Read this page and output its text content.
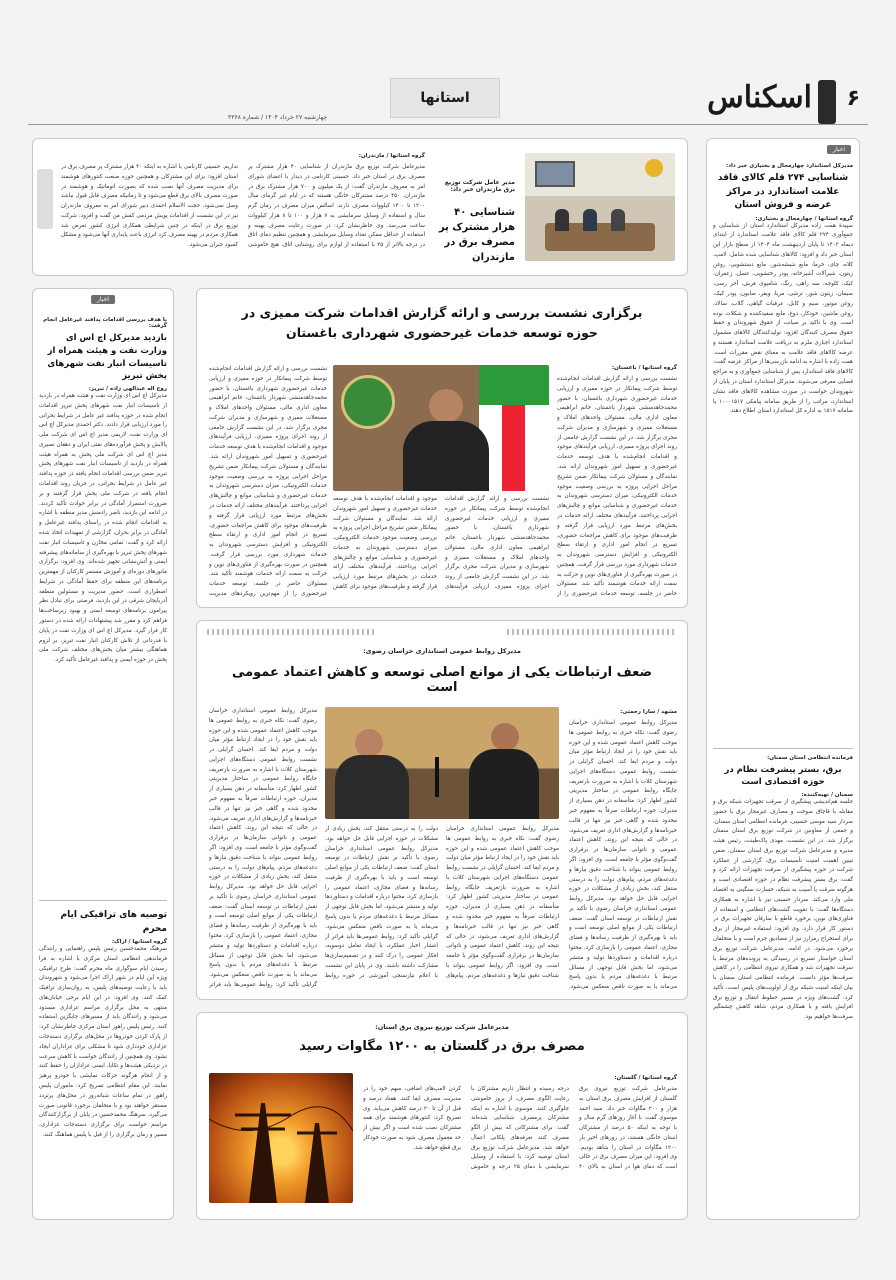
۶
اسکناس
استانها
چهارشنبه ۲۷ خرداد ۱۴۰۴ / شماره ۳۳۶۸
اخبار
مدیرکل استاندارد چهارمحال و بختیاری خبر داد:
شناسایی ۲۷۴ قلم کالای فاقد علامت استاندارد در مراکز عرضه و فروش استان
گروه استانها / چهارمحال و بختیاری:
سپیدهٔ همت زاده مدیرکل استاندارد استان از شناسایی و جمع‌آوری ۲۷۴ قلم کالای فاقد علامت استاندارد از ابتدای دیماه ۱۴۰۳ تا پایان اردیبهشت ماه ۱۴۰۴ از سطح بازار این استان خبر داد و افزود: کالاهای شناسایی شده شامل: لامپ، کلاه، چای، خرما، مایع شیشه‌شور، مایع دستشویی، روغن زیتون، شیرآلات آشپزخانه، پودر رختشویی، عسل، زعفران، کیک، کلوچه، سه راهی، رنگ، شامپوی فرش، آجر رسی، سیمان، زیتون شور، ترشی، مربا، ویفر، صابون، پودر کیک، روغن موتور، سیم و کابل، عرقیات گیاهی، گلاب، سالاد، روغن ماشین، خودکار، دوغ، مایع سفیدکننده و شکلات بوده است. وی با تاکید بر صیانت از حقوق شهروندان و حفظ حقوق مصرف کنندگان افزود: تولیدکنندگان کالاهای مشمول استاندارد اجباری ملزم به دریافت علامت استاندارد هستند و عرضه کالاهای فاقد علامت به معنای نقض مقررات است. همت زاده با اشاره به ادامه بازرسی‌ها از مراکز عرضه گفت: کالاهای فاقد استاندارد پس از شناسایی جمع‌آوری و به مراجع قضایی معرفی می‌شوند. مدیرکل استاندارد استان در پایان از شهروندان خواست در صورت مشاهده کالاهای فاقد نشان استاندارد، مراتب را از طریق سامانه پیامکی ۱۰۰۰۱۵۱۷ یا سامانه ۱۵۱۷ به اداره کل استاندارد استان اطلاع دهند.
فرمانده انتظامی استان سمنان:
برق، بستر پیشرفت نظام در حوزه اقتصادی است
سمنان / تهیه‌کننده:
جلسه هم‌اندیشی پیشگیری از سرقت تجهیزات شبکه برق و مقابله با قاچاق سوخت و مصارف غیرمجاز برق با حضور سردار سید موسی حسینی، فرمانده انتظامی استان سمنان، و جمعی از معاونین در شرکت توزیع برق استان سمنان برگزار شد. در این نشست، مهدی پاک‌طینت، رئیس هیئت مدیره و مدیرعامل شرکت توزیع برق استان سمنان، ضمن تبیین اهمیت امنیت تأسیسات برق، گزارشی از عملکرد شرکت در حوزه پیشگیری از سرقت تجهیزات ارائه کرد و گفت: برق بستر پیشرفت نظام در حوزه اقتصادی است و هرگونه سرقت یا آسیب به شبکه، خسارت سنگینی به اقتصاد ملی وارد می‌کند. سردار حسینی نیز با اشاره به همکاری دستگاه‌ها گفت: با تقویت گشت‌های انتظامی و استفاده از فناوری‌های نوین، برخورد قاطع با سارقان تجهیزات برق در دستور کار قرار دارد. وی افزود: استفاده غیرمجاز از برق برای استخراج رمزارز نیز از مصادیق جرم است و با متخلفان برخورد می‌شود. در ادامه، مدیرعامل شرکت توزیع برق استان خواستار تسریع در رسیدگی به پرونده‌های مرتبط با سرقت تجهیزات شد و همکاری نیروی انتظامی را در کاهش سرقت‌ها مؤثر دانست. فرمانده انتظامی استان سمنان با بیان اینکه امنیت شبکه برق از اولویت‌های پلیس است، تأکید کرد: گشت‌های ویژه در مسیر خطوط انتقال و توزیع برق افزایش یافته و با همکاری مردم، شاهد کاهش چشمگیر سرقت‌ها خواهیم بود.
مدیر عامل شرکت توزیع برق مازندران خبر داد:
شناسایی ۴۰ هزار مشترک پر مصرف برق در مازندران
گروه استانها / مازندران:
مدیرعامل شرکت توزیع برق مازندران از شناسایی ۴۰ هزار مشترک پر مصرف برق در استان خبر داد. حسینی کارنامی در دیدار با اعضای شورای امر به معروف مازندران گفت: از یک میلیون و ۷۰۰ هزار مشترک برق در مازندران، ۴۵۰ درصد مشترکان خانگی هستند که در ایام غیر گرمای سال ۱۲۰۰ تا ۱۴۰۰ کیلووات مصرف دارند. اسالس میزان مصرف در زمان گرم سال و استفاده از وسایل سرمایشی به ۷ هزار و ۱۰۰ تا ۸ هزار کیلووات ساعت می‌رسد. وی خاطرنشان کرد: در صورت رعایت مصرف بهینه و استفاده از حداقل ممکن تعداد وسایل سرمایشی و همچنین تنظیم دمای اتاق در درجه بالاتر از ۲۵ با استفاده از لوازم برای روشنایی اتاق، هیچ خاموشی نداریم. حسینی کارنامی با اشاره به اینکه ۴۰ هزار مشترک پر مصرف برق در استان افزود: برای این مشترکان و همچنین حوزه صنعت کنتورهای هوشمند برای مدیریت مصرف آنها نصب شده که بصورت اتوماتیک و هوشمند در صورت مصرف بالای برق قطع می‌شود و تا زمانیکه مصرف قابل قبول نباشد وصل نمی‌شود. حجت الاسلام احمدی دبیر شورای امر به معروف مازندران نیز در این نشست از اقدامات پویش مردمی کفش من گفت و افزود: شرکت توزیع برق در اینکه در چنین شرایطی همکاری انرژی کشور تعرض شد همکاری مردم در بهینه مصرف کرد انرژی باعث پایداری آنها می‌شود و مشکل کمبود جبران می‌شود.
اخبار
با هدف بررسی اقدامات پدافند غیرعامل انجام گرفت:
بازدید مدیرکل اچ اس ای وزارت نفت و هیئت همراه از تاسیسات انبار نفت شهرهای پخش تبریز
روح اله عبدالهی زاده / تبریز:
مدیرکل اچ اس ای وزارت نفت و هیئت همراه در بازدید از تاسیسات انبار نفت شهرهای پخش تبریز اقدامات انجام شده در حوزه پدافند غیر عامل در شرایط بحرانی را مورد ارزیابی قرار دادند. دکتر احمدی مدیرکل اچ اس ای وزارت نفت، لاریمی مدیر اچ اس ای شرکت ملی پالایش و پخش فرآورده‌های نفتی ایران و دهقان نصیری مدیر اچ اس ای شرکت ملی پخش به همراه هیئت همراه در بازدید از تاسیسات انبار نفت شهرهای پخش تبریز ضمن بررسی اقدامات انجام یافته در حوزه پدافند غیر عامل در شرایط بحرانی، در جریان روند اقدامات انجام یافته در شرکت ملی پخش قرار گرفتند و بر ضرورت استمرار آمادگی در برابر حوادث تأکید کردند. در ادامه این بازدید، ناصر رادمنش مدیر منطقه با اشاره به اقدامات انجام شده در راستای پدافند غیرعامل و آمادگی در برابر بحران، گزارشی از تمهیدات اتخاذ شده ارائه کرد و گفت: تمامی مخازن و تاسیسات انبار نفت شهرهای پخش تبریز با بهره‌گیری از سامانه‌های پیشرفته ایمنی و آتش‌نشانی تجهیز شده‌اند. وی افزود: برگزاری مانورهای دوره‌ای و آموزش مستمر کارکنان از مهمترین برنامه‌های این منطقه برای حفظ آمادگی در شرایط اضطراری است. حضور مدیریت و مسئولین منطقه آذربایجان شرقی در این بازدید، فرصتی برای تبادل نظر پیرامون برنامه‌های توسعه ایمنی و بهبود زیرساخت‌ها فراهم کرد و مقرر شد پیشنهادات ارائه شده در دستور کار قرار گیرد. مدیرکل اچ اس ای وزارت نفت در پایان با قدردانی از تلاش کارکنان انبار نفت تبریز، بر لزوم هماهنگی بیشتر میان بخش‌های مختلف شرکت ملی پخش در حوزه ایمنی و پدافند غیرعامل تأکید کرد.
توصیه های ترافیکی ایام محرم
گروه استانها / اراک:
سرهنگ محمدحسین رئیس پلیس راهنمایی و رانندگی فرماندهی انتظامی استان مرکزی با اشاره به فرا رسیدن ایام سوگواری ماه محرم گفت: طرح ترافیکی ویژه این ایام در شهر اراک اجرا می‌شود و شهروندان باید با رعایت توصیه‌های پلیس، به روان‌سازی ترافیک کمک کنند. وی افزود: در این ایام برخی خیابان‌های منتهی به محل برگزاری مراسم عزاداری مسدود می‌شود و رانندگان باید از مسیرهای جایگزین استفاده کنند. رئیس پلیس راهور استان مرکزی خاطرنشان کرد: از پارک کردن خودروها در محل‌های برگزاری دسته‌جات عزاداری خودداری شود تا مشکلی برای عزاداران ایجاد نشود. وی همچنین از رانندگان خواست با کاهش سرعت در نزدیکی هیئت‌ها و تکایا، ایمنی عزاداران را حفظ کنند و از انجام هرگونه حرکات نمایشی با خودرو پرهیز نمایند. این مقام انتظامی تصریح کرد: ماموران پلیس راهور در تمام ساعات شبانه‌روز در محل‌های پرتردد مستقر خواهند بود و با متخلفان برخورد قانونی صورت می‌گیرد. سرهنگ محمدحسین در پایان از برگزارکنندگان مراسم خواست برای برگزاری دسته‌جات عزاداری، مسیر و زمان برگزاری را از قبل با پلیس هماهنگ کنند.
برگزاری نشست بررسی و ارائه گزارش اقدامات شرکت ممیزی در حوزه توسعه خدمات غیرحضوری شهرداری باغستان
گروه استانها / باغستان:
نشست بررسی و ارائه گزارش اقدامات انجام‌شده توسط شرکت پیمانکار در حوزه ممیزی و ارزیابی خدمات غیرحضوری شهرداری باغستان، با حضور محمدجاهدمنشی شهردار باغستان، خانم ابراهیمی معاون اداری مالی، مسئولان واحدهای املاک و مستغلات ممیزی و شهرسازی و مدیران شرکت مجری برگزار شد. در این نشست گزارش جامعی از روند اجرای پروژه ممیزی، ارزیابی فرآیندهای موجود و اقدامات انجام‌شده با هدف توسعه خدمات غیرحضوری و تسهیل امور شهروندان ارائه شد. نمایندگان و مسئولان شرکت پیمانکار ضمن تشریح مراحل اجرایی پروژه به بررسی وضعیت موجود خدمات الکترونیکی، میزان دسترسی شهروندان به خدمات غیرحضوری و شناسایی موانع و چالش‌های اجرایی پرداختند. فرآیندهای مختلف ارائه خدمات در بخش‌های مرتبط مورد ارزیابی قرار گرفته و ظرفیت‌های موجود برای کاهش مراجعات حضوری، تسریع در انجام امور اداری و ارتقاء سطح الکترونیکی و افزایش دسترسی شهروندان به خدمات شهرداری مورد بررسی قرار گرفت. همچنین در صورت بهره‌گیری از فناوری‌های نوین و حرکت به سمت ارائه خدمات هوشمند تأکید شد. مسئولان حاضر در جلسه، توسعه خدمات غیرحضوری را از
نشست بررسی و ارائه گزارش اقدامات انجام‌شده توسط شرکت پیمانکار در حوزه ممیزی و ارزیابی خدمات غیرحضوری شهرداری باغستان، با حضور محمدجاهدمنشی شهردار باغستان، خانم ابراهیمی معاون اداری مالی، مسئولان واحدهای املاک و مستغلات ممیزی و شهرسازی و مدیران شرکت مجری برگزار شد. در این نشست گزارش جامعی از روند اجرای پروژه ممیزی، ارزیابی فرآیندهای موجود و اقدامات انجام‌شده با هدف توسعه خدمات غیرحضوری و تسهیل امور شهروندان ارائه شد. نمایندگان و مسئولان شرکت پیمانکار ضمن تشریح مراحل اجرایی پروژه به بررسی وضعیت موجود خدمات الکترونیکی، میزان دسترسی شهروندان به خدمات غیرحضوری و شناسایی موانع و چالش‌های اجرایی پرداختند. فرآیندهای مختلف ارائه خدمات در بخش‌های مرتبط مورد ارزیابی قرار گرفته و ظرفیت‌های موجود برای کاهش مراجعات حضوری، تسریع در انجام امور اداری و ارتقاء سطح الکترونیکی و افزایش دسترسی شهروندان به خدمات شهرداری مورد بررسی قرار گرفت. همچنین در صورت بهره‌گیری از فناوری‌های نوین و حرکت به سمت ارائه خدمات هوشمند تأکید شد. مسئولان حاضر در جلسه، توسعه خدمات غیرحضوری را از مهم‌ترین رویکردهای مدیریت
نشست بررسی و ارائه گزارش اقدامات انجام‌شده توسط شرکت پیمانکار در حوزه ممیزی و ارزیابی خدمات غیرحضوری شهرداری باغستان، با حضور محمدجاهدمنشی شهردار باغستان، خانم ابراهیمی معاون اداری مالی، مسئولان واحدهای املاک و مستغلات ممیزی و شهرسازی و مدیران شرکت مجری برگزار شد. در این نشست گزارش جامعی از روند اجرای پروژه ممیزی، ارزیابی فرآیندهای موجود و اقدامات انجام‌شده با هدف توسعه خدمات غیرحضوری و تسهیل امور شهروندان ارائه شد. نمایندگان و مسئولان شرکت پیمانکار ضمن تشریح مراحل اجرایی پروژه به بررسی وضعیت موجود خدمات الکترونیکی، میزان دسترسی شهروندان به خدمات غیرحضوری و شناسایی موانع و چالش‌های اجرایی پرداختند. فرآیندهای مختلف ارائه خدمات در بخش‌های مرتبط مورد ارزیابی قرار گرفته و ظرفیت‌های موجود برای کاهش
مدیرکل روابط عمومی استانداری خراسان رضوی:
ضعف ارتباطات یکی از موانع اصلی توسعه و کاهش اعتماد عمومی است
مشهد / سارا رحمتی:
مدیرکل روابط عمومی استانداری خراسان رضوی گفت: نکاه خبری به روابط عمومی ها موجب کاهش اعتماد عمومی شده و این حوزه باید نقش خود را در ایجاد ارتباط مؤثر میان دولت و مردم ایفا کند. احسان گرایلی در نشست روابط عمومی دستگاه‌های اجرایی شهرستان کلات با اشاره به ضرورت بازتعریف جایگاه روابط عمومی در ساختار مدیریتی کشور اظهار کرد: متأسفانه در ذهن بسیاری از مدیران، حوزه ارتباطات صرفاً به مفهوم خبر مخدود شده و گاهی خبر نیز تنها در قالب خبرنامه‌ها و گزارش‌های اداری تعریف می‌شود، در حالی که نتیجه این روند، کاهش اعتماد عمومی و ناتوانی سازمان‌ها در برقراری گفت‌وگوی مؤثر با جامعه است. وی افزود: اگر روابط عمومی بتواند با شناخت دقیق نیازها و دغدغه‌های مردم، پیام‌های دولت را به درستی منتقل کند، بخش زیادی از مشکلات در حوزه اجرایی قابل حل خواهد بود. مدیرکل روابط عمومی استانداری خراسان رضوی با تأکید بر نقش ارتباطات در توسعه استان گفت: ضعف ارتباطات یکی از موانع اصلی توسعه است و باید با بهره‌گیری از ظرفیت رسانه‌ها و فضای مجازی، اعتماد عمومی را بازسازی کرد. محتوا درباره اقدامات و دستاوردها تولید و منتشر می‌شود، اما بخش قابل توجهی از مسائل مرتبط با دغدغه‌های مردم یا بدون پاسخ می‌ماند یا به صورت ناقص منعکس می‌شود.
مدیرکل روابط عمومی استانداری خراسان رضوی گفت: نکاه خبری به روابط عمومی ها موجب کاهش اعتماد عمومی شده و این حوزه باید نقش خود را در ایجاد ارتباط مؤثر میان دولت و مردم ایفا کند. احسان گرایلی در نشست روابط عمومی دستگاه‌های اجرایی شهرستان کلات با اشاره به ضرورت بازتعریف جایگاه روابط عمومی در ساختار مدیریتی کشور اظهار کرد: متأسفانه در ذهن بسیاری از مدیران، حوزه ارتباطات صرفاً به مفهوم خبر مخدود شده و گاهی خبر نیز تنها در قالب خبرنامه‌ها و گزارش‌های اداری تعریف می‌شود، در حالی که نتیجه این روند، کاهش اعتماد عمومی و ناتوانی سازمان‌ها در برقراری گفت‌وگوی مؤثر با جامعه است. وی افزود: اگر روابط عمومی بتواند با شناخت دقیق نیازها و دغدغه‌های مردم، پیام‌های دولت را به درستی منتقل کند، بخش زیادی از مشکلات در حوزه اجرایی قابل حل خواهد بود. مدیرکل روابط عمومی استانداری خراسان رضوی با تأکید بر نقش ارتباطات در توسعه استان گفت: ضعف ارتباطات یکی از موانع اصلی توسعه است و باید با بهره‌گیری از ظرفیت رسانه‌ها و فضای مجازی، اعتماد عمومی را بازسازی کرد. محتوا درباره اقدامات و دستاوردها تولید و منتشر می‌شود، اما بخش قابل توجهی از مسائل مرتبط با دغدغه‌های مردم یا بدون پاسخ می‌ماند یا به صورت ناقص منعکس می‌شود. گرایلی تأکید کرد: روابط عمومی‌ها باید فراتر
مدیرکل روابط عمومی استانداری خراسان رضوی گفت: نکاه خبری به روابط عمومی ها موجب کاهش اعتماد عمومی شده و این حوزه باید نقش خود را در ایجاد ارتباط مؤثر میان دولت و مردم ایفا کند. احسان گرایلی در نشست روابط عمومی دستگاه‌های اجرایی شهرستان کلات با اشاره به ضرورت بازتعریف جایگاه روابط عمومی در ساختار مدیریتی کشور اظهار کرد: متأسفانه در ذهن بسیاری از مدیران، حوزه ارتباطات صرفاً به مفهوم خبر مخدود شده و گاهی خبر نیز تنها در قالب خبرنامه‌ها و گزارش‌های اداری تعریف می‌شود، در حالی که نتیجه این روند، کاهش اعتماد عمومی و ناتوانی سازمان‌ها در برقراری گفت‌وگوی مؤثر با جامعه است. وی افزود: اگر روابط عمومی بتواند با شناخت دقیق نیازها و دغدغه‌های مردم، پیام‌های دولت را به درستی منتقل کند، بخش زیادی از مشکلات در حوزه اجرایی قابل حل خواهد بود. مدیرکل روابط عمومی استانداری خراسان رضوی با تأکید بر نقش ارتباطات در توسعه استان گفت: ضعف ارتباطات یکی از موانع اصلی توسعه است و باید با بهره‌گیری از ظرفیت رسانه‌ها و فضای مجازی، اعتماد عمومی را بازسازی کرد. محتوا درباره اقدامات و دستاوردها تولید و منتشر می‌شود، اما بخش قابل توجهی از مسائل مرتبط با دغدغه‌های مردم یا بدون پاسخ می‌ماند یا به صورت ناقص منعکس می‌شود. گرایلی تأکید کرد: روابط عمومی‌ها باید فراتر از انتشار اخبار عملکرد، با ایجاد تعامل دوسویه، افکار عمومی را درک کنند و در تصمیم‌سازی‌ها مشارکت داشته باشند. وی در پایان این نشست با اعلام نیازسنجی آموزشی در حوزه روابط
مدیرعامل شرکت توزیع نیروی برق استان:
مصرف برق در گلستان به ۱۲۰۰ مگاوات رسید
گروه استانها / گلستان:
مدیرعامل شرکت توزیع نیروی برق گلستان از افزایش مصرف برق استان به هزار و ۲۰۰ مگاوات خبر داد. سید احمد موسوی گفت: با آغاز روزهای گرم سال و با توجه به اینکه ۵۰ درصد از مشترکان استان خانگی هستند، در روزهای اخیر بار ۱۲۰۰ مگاوات در استان را شاهد بودیم. وی افزود: این میزان مصرف برق در حالی است که دمای هوا در استان به بالای ۴۰ درجه رسیده و انتظار داریم مشترکان با رعایت الگوی مصرف، از بروز خاموشی جلوگیری کنند. موسوی با اشاره به اینکه مشترکان پرمصرف شناسایی شده‌اند گفت: برای مشترکانی که بیش از الگو مصرف کنند تعرفه‌های پلکانی اعمال خواهد شد. مدیرعامل شرکت توزیع برق استان توصیه کرد: با استفاده از وسایل سرمایشی با دمای ۲۵ درجه و خاموش کردن لامپ‌های اضافی، سهم خود را در مدیریت مصرف ایفا کنند. هفتاد درصد و قبل از آن تا ۲۰ درصد کاهش می‌یابد. وی تصریح کرد: کنتورهای هوشمند برای همه مشترکان نصب شده است و اگر بیش از حد معمول مصرف شود به صورت خودکار برق قطع خواهد شد.
